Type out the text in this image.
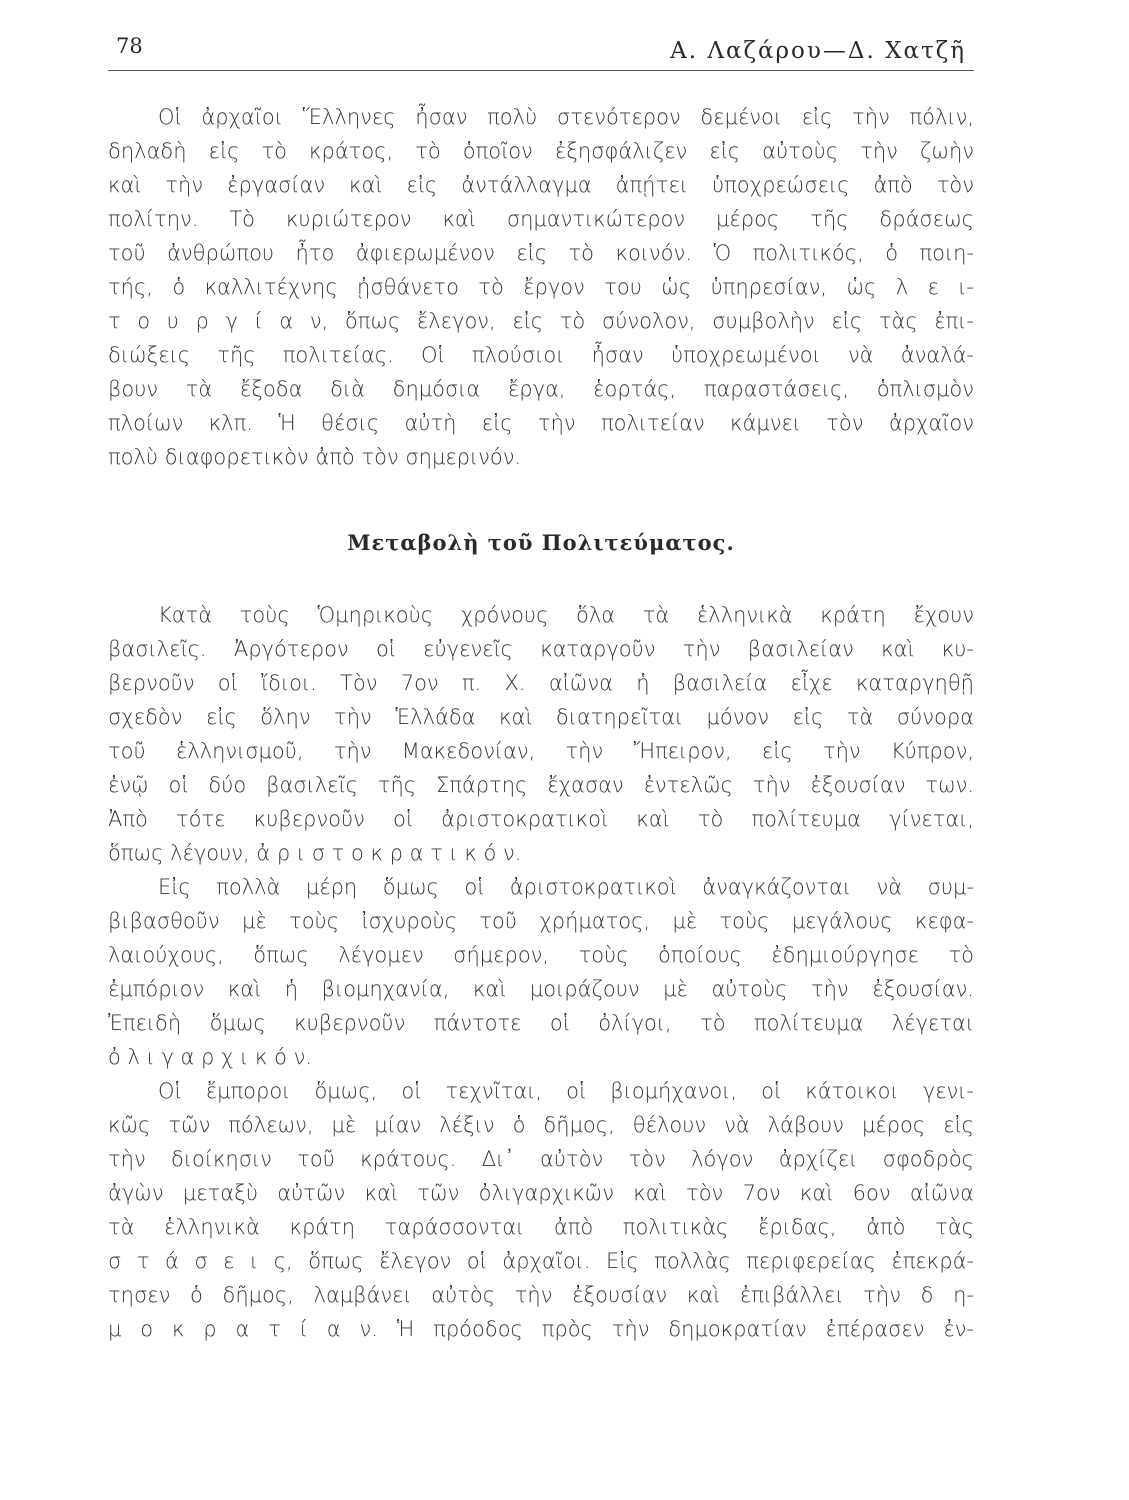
78	Α. Λαζάρου—Δ. Χατζῆ
Οἱ ἀρχαῖοι Ἕλληνες ἦσαν πολὺ στενότερον δεμένοι εἰς τὴν πόλιν,
δηλαδὴ εἰς τὸ κράτος, τὸ ὁποῖον ἐξησφάλιζεν εἰς αὐτοὺς τὴν ζωὴν
καὶ τὴν ἐργασίαν καὶ εἰς ἀντάλλαγμα ἀπῄτει ὑποχρεώσεις ἀπὸ τὸν
πολίτην. Τὸ κυριώτερον καὶ σημαντικώτερον μέρος τῆς δράσεως
τοῦ ἀνθρώπου ἦτο ἀφιερωμένον εἰς τὸ κοινόν. Ὁ πολιτικός, ὁ ποιη-
τής, ὁ καλλιτέχνης ᾐσθάνετο τὸ ἔργον του ὡς ὑπηρεσίαν, ὡς λ ε ι-
τ ο υ ρ γ ί α ν, ὅπως ἔλεγον, εἰς τὸ σύνολον, συμβολὴν εἰς τὰς ἐπι-
διώξεις τῆς πολιτείας. Οἱ πλούσιοι ἦσαν ὑποχρεωμένοι νὰ ἀναλά-
βουν τὰ ἔξοδα διὰ δημόσια ἔργα, ἑορτάς, παραστάσεις, ὁπλισμὸν
πλοίων κλπ. Ἡ θέσις αὐτὴ εἰς τὴν πολιτείαν κάμνει τὸν ἀρχαῖον
πολὺ διαφορετικὸν ἀπὸ τὸν σημερινόν.
Μεταβολὴ τοῦ Πολιτεύματος.
Κατὰ τοὺς Ὁμηρικοὺς χρόνους ὅλα τὰ ἑλληνικὰ κράτη ἔχουν
βασιλεῖς. Ἀργότερον οἱ εὐγενεῖς καταργοῦν τὴν βασιλείαν καὶ κυ-
βερνοῦν οἱ ἴδιοι. Τὸν 7ον π. Χ. αἰῶνα ἡ βασιλεία εἶχε καταργηθῇ
σχεδὸν εἰς ὅλην τὴν Ἑλλάδα καὶ διατηρεῖται μόνον εἰς τὰ σύνορα
τοῦ ἑλληνισμοῦ, τὴν Μακεδονίαν, τὴν Ἤπειρον, εἰς τὴν Κύπρον,
ἐνῷ οἱ δύο βασιλεῖς τῆς Σπάρτης ἔχασαν ἐντελῶς τὴν ἐξουσίαν των.
Ἀπὸ τότε κυβερνοῦν οἱ ἀριστοκρατικοὶ καὶ τὸ πολίτευμα γίνεται,
ὅπως λέγουν, ἀ ρ ι σ τ ο κ ρ α τ ι κ ό ν.
Εἰς πολλὰ μέρη ὅμως οἱ ἀριστοκρατικοὶ ἀναγκάζονται νὰ συμ-
βιβασθοῦν μὲ τοὺς ἰσχυροὺς τοῦ χρήματος, μὲ τοὺς μεγάλους κεφα-
λαιούχους, ὅπως λέγομεν σήμερον, τοὺς ὁποίους ἐδημιούργησε τὸ
ἐμπόριον καὶ ἡ βιομηχανία, καὶ μοιράζουν μὲ αὐτοὺς τὴν ἐξουσίαν.
Ἐπειδὴ ὅμως κυβερνοῦν πάντοτε οἱ ὀλίγοι, τὸ πολίτευμα λέγεται
ὀ λ ι γ α ρ χ ι κ ό ν.
Οἱ ἔμποροι ὅμως, οἱ τεχνῖται, οἱ βιομήχανοι, οἱ κάτοικοι γενι-
κῶς τῶν πόλεων, μὲ μίαν λέξιν ὁ δῆμος, θέλουν νὰ λάβουν μέρος εἰς
τὴν διοίκησιν τοῦ κράτους. Δι᾿ αὐτὸν τὸν λόγον ἀρχίζει σφοδρὸς
ἀγὼν μεταξὺ αὐτῶν καὶ τῶν ὀλιγαρχικῶν καὶ τὸν 7ον καὶ 6ον αἰῶνα
τὰ ἑλληνικὰ κράτη ταράσσονται ἀπὸ πολιτικὰς ἔριδας, ἀπὸ τὰς
σ τ ά σ ε ι ς, ὅπως ἔλεγον οἱ ἀρχαῖοι. Εἰς πολλὰς περιφερείας ἐπεκρά-
τησεν ὁ δῆμος, λαμβάνει αὐτὸς τὴν ἐξουσίαν καὶ ἐπιβάλλει τὴν δ η-
μ ο κ ρ α τ ί α ν. Ἡ πρόοδος πρὸς τὴν δημοκρατίαν ἐπέρασεν ἐν-
